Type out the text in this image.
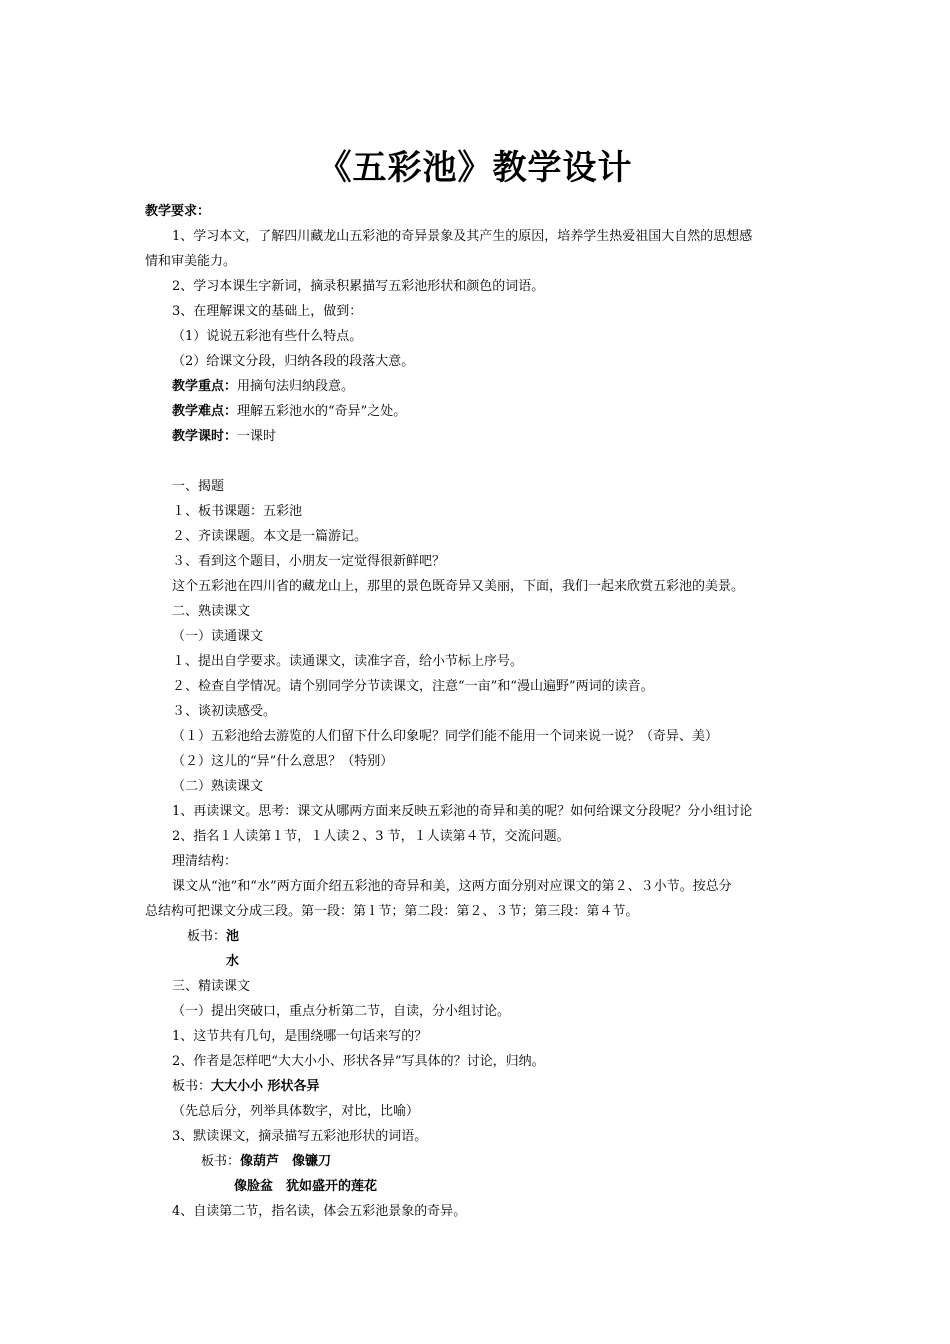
《五彩池》教学设计
教学要求：
1、学习本文，了解四川藏龙山五彩池的奇异景象及其产生的原因，培养学生热爱祖国大自然的思想感
情和审美能力。
2、学习本课生字新词，摘录积累描写五彩池形状和颜色的词语。
3、在理解课文的基础上，做到：
（1）说说五彩池有些什么特点。
（2）给课文分段，归纳各段的段落大意。
教学重点：用摘句法归纳段意。
教学难点：理解五彩池水的“奇异”之处。
教学课时：一课时
一、揭题
１、板书课题：五彩池
２、齐读课题。本文是一篇游记。
３、看到这个题目，小朋友一定觉得很新鲜吧？
这个五彩池在四川省的藏龙山上，那里的景色既奇异又美丽，下面，我们一起来欣赏五彩池的美景。
二、熟读课文
（一）读通课文
１、提出自学要求。读通课文，读准字音，给小节标上序号。
２、检查自学情况。请个别同学分节读课文，注意“一亩”和“漫山遍野”两词的读音。
３、谈初读感受。
（１）五彩池给去游览的人们留下什么印象呢？同学们能不能用一个词来说一说？（奇异、美）
（２）这儿的“异”什么意思？（特别）
（二）熟读课文
1、再读课文。思考：课文从哪两方面来反映五彩池的奇异和美的呢？如何给课文分段呢？分小组讨论
2、指名１人读第１节，１人读２、3 节，１人读第４节，交流问题。
理清结构：
课文从“池”和“水”两方面介绍五彩池的奇异和美，这两方面分别对应课文的第２、３小节。按总分
总结构可把课文分成三段。第一段：第 l 节；第二段：第２、３节；第三段：第４节。
板书：池
水
三、精读课文
（一）提出突破口，重点分析第二节，自读，分小组讨论。
1、这节共有几句，是围绕哪一句话来写的？
2、作者是怎样吧“大大小小、形状各异”写具体的？讨论，归纳。
板书：大大小小 形状各异
（先总后分，列举具体数字，对比，比喻）
3、默读课文，摘录描写五彩池形状的词语。
板书：像葫芦　像镰刀
像脸盆　犹如盛开的莲花
4、自读第二节，指名读，体会五彩池景象的奇异。
